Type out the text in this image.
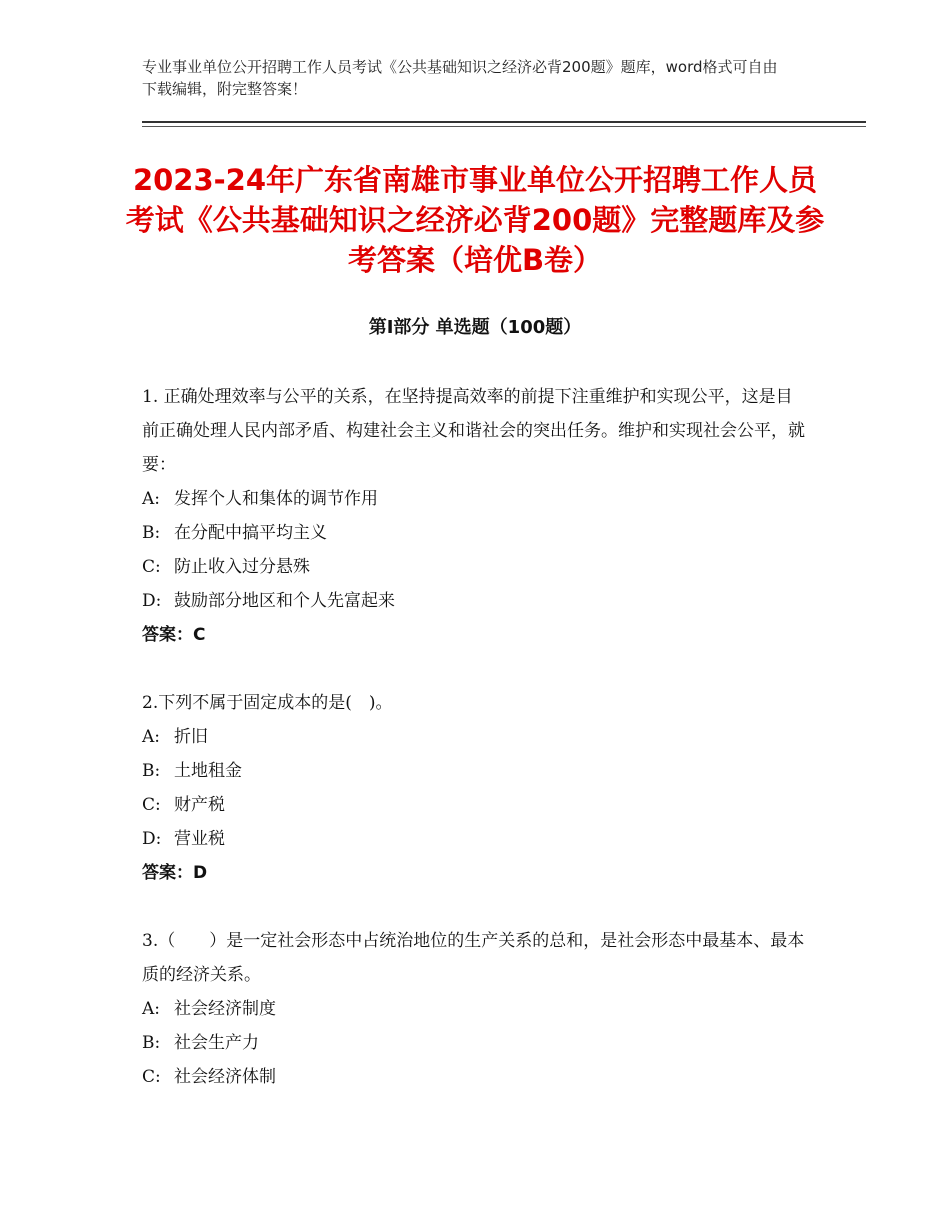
专业事业单位公开招聘工作人员考试《公共基础知识之经济必背200题》题库，word格式可自由下载编辑，附完整答案！
2023-24年广东省南雄市事业单位公开招聘工作人员考试《公共基础知识之经济必背200题》完整题库及参考答案（培优B卷）
第Ⅰ部分 单选题（100题）

1. 正确处理效率与公平的关系，在坚持提高效率的前提下注重维护和实现公平，这是目前正确处理人民内部矛盾、构建社会主义和谐社会的突出任务。维护和实现社会公平，就要：

A: 发挥个人和集体的调节作用

B: 在分配中搞平均主义

C: 防止收入过分悬殊

D: 鼓励部分地区和个人先富起来

答案：C

2.下列不属于固定成本的是(　)。

A: 折旧

B: 土地租金

C: 财产税

D: 营业税

答案：D

3.（　　）是一定社会形态中占统治地位的生产关系的总和，是社会形态中最基本、最本质的经济关系。

A: 社会经济制度

B: 社会生产力

C: 社会经济体制
